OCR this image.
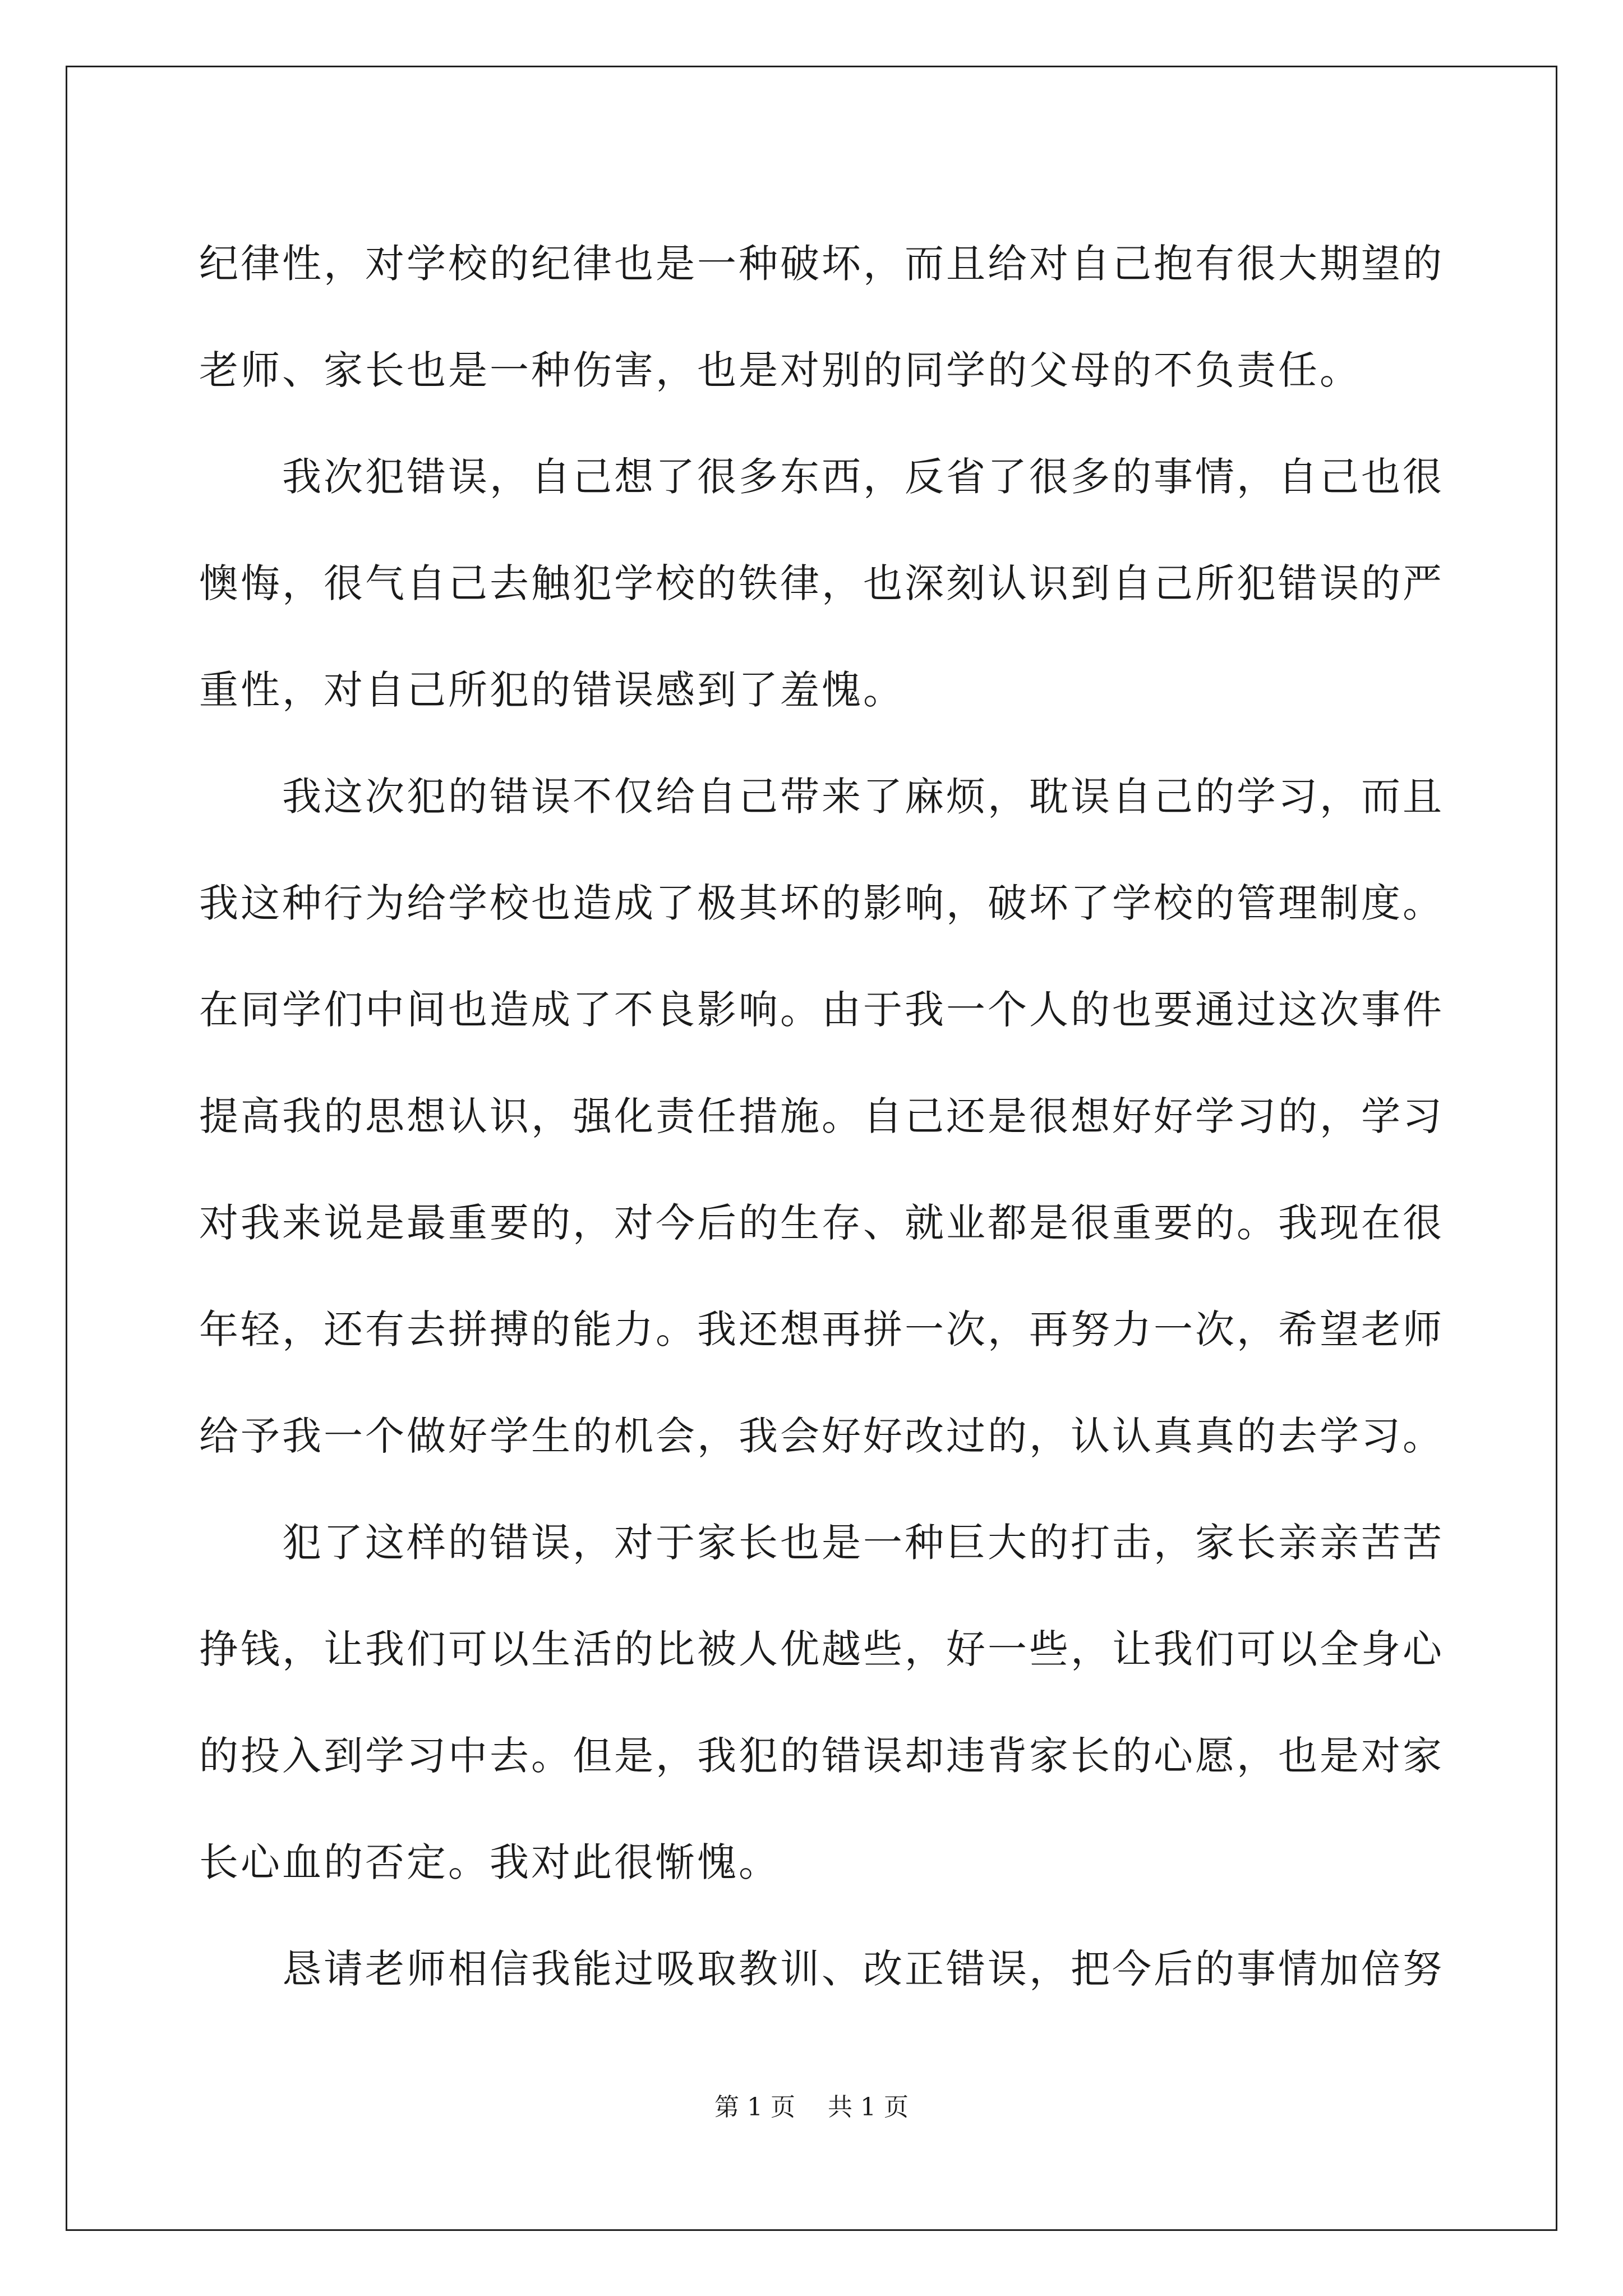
纪律性，对学校的纪律也是一种破坏，而且给对自己抱有很大期望的
老师、家长也是一种伤害，也是对别的同学的父母的不负责任。
　　我次犯错误，自己想了很多东西，反省了很多的事情，自己也很
懊悔，很气自己去触犯学校的铁律，也深刻认识到自己所犯错误的严
重性，对自己所犯的错误感到了羞愧。
　　我这次犯的错误不仅给自己带来了麻烦，耽误自己的学习，而且
我这种行为给学校也造成了极其坏的影响，破坏了学校的管理制度。
在同学们中间也造成了不良影响。由于我一个人的也要通过这次事件
提高我的思想认识，强化责任措施。自己还是很想好好学习的，学习
对我来说是最重要的，对今后的生存、就业都是很重要的。我现在很
年轻，还有去拼搏的能力。我还想再拼一次，再努力一次，希望老师
给予我一个做好学生的机会，我会好好改过的，认认真真的去学习。
　　犯了这样的错误，对于家长也是一种巨大的打击，家长亲亲苦苦
挣钱，让我们可以生活的比被人优越些，好一些，让我们可以全身心
的投入到学习中去。但是，我犯的错误却违背家长的心愿，也是对家
长心血的否定。我对此很惭愧。
　　恳请老师相信我能过吸取教训、改正错误，把今后的事情加倍努
第 1 页　 共 1 页
